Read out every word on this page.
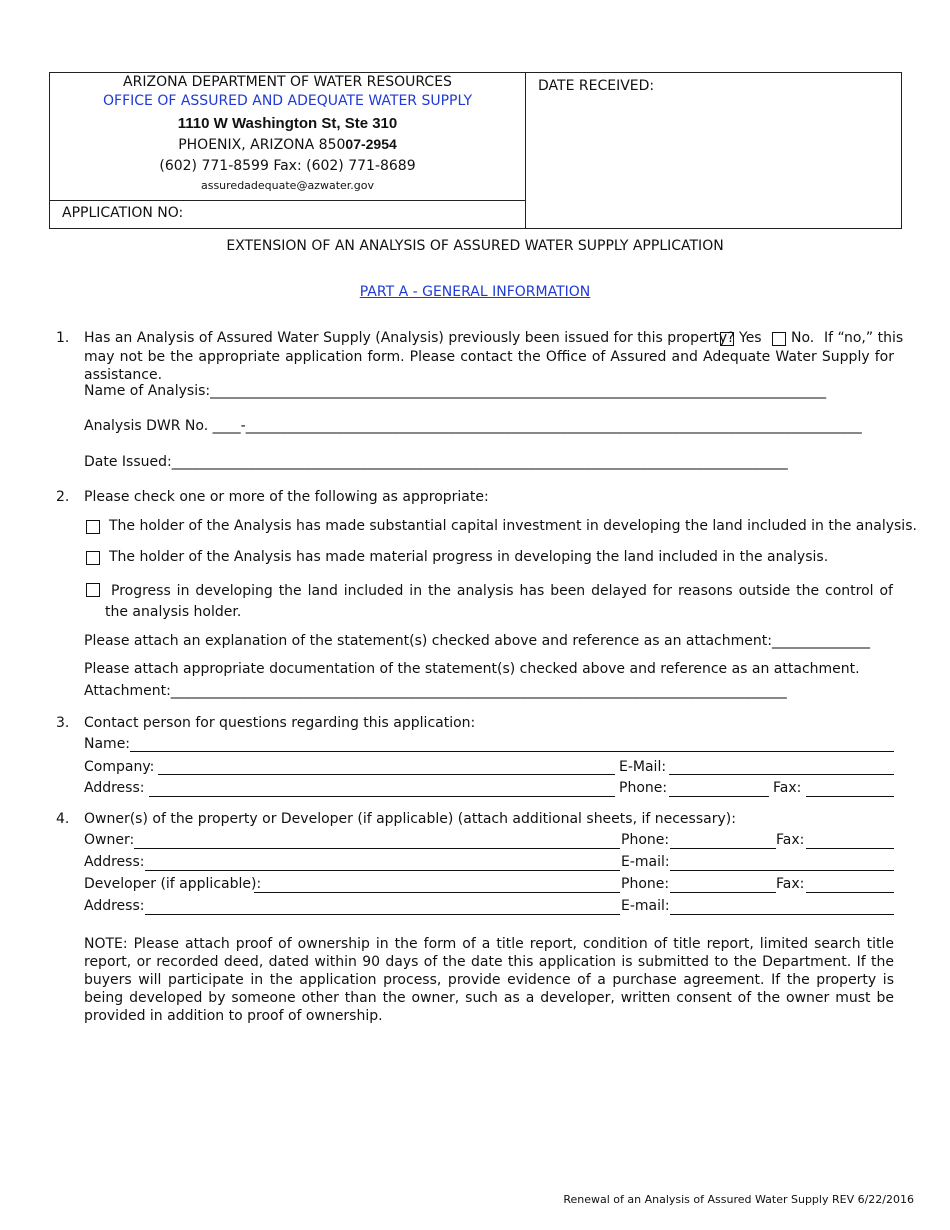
ARIZONA DEPARTMENT OF WATER RESOURCES
OFFICE OF ASSURED AND ADEQUATE WATER SUPPLY
1110 W Washington St, Ste 310
PHOENIX, ARIZONA 85007-2954
(602) 771-8599 Fax: (602) 771-8689
assuredadequate@azwater.gov
DATE RECEIVED:
APPLICATION NO:
EXTENSION OF AN ANALYSIS OF ASSURED WATER SUPPLY APPLICATION
PART A - GENERAL INFORMATION
1. Has an Analysis of Assured Water Supply (Analysis) previously been issued for this property? Yes No. If “no,” this
may not be the appropriate application form. Please contact the Office of Assured and Adequate Water Supply for assistance.
Name of Analysis:________________________________________________________________________________________
Analysis DWR No. ____-________________________________________________________________________________________
Date Issued:________________________________________________________________________________________
2. Please check one or more of the following as appropriate:
The holder of the Analysis has made substantial capital investment in developing the land included in the analysis.
The holder of the Analysis has made material progress in developing the land included in the analysis.
Progress in developing the land included in the analysis has been delayed for reasons outside the control of the analysis holder.
Please attach an explanation of the statement(s) checked above and reference as an attachment:______________
Please attach appropriate documentation of the statement(s) checked above and reference as an attachment.
Attachment:________________________________________________________________________________________
3. Contact person for questions regarding this application:
Name:
Company:	E-Mail:
Address:	Phone:	Fax:
4. Owner(s) of the property or Developer (if applicable) (attach additional sheets, if necessary):
Owner:	Phone:	Fax:
Address:	E-mail:
Developer (if applicable):	Phone:	Fax:
Address:	E-mail:
NOTE: Please attach proof of ownership in the form of a title report, condition of title report, limited search title report, or recorded deed, dated within 90 days of the date this application is submitted to the Department. If the buyers will participate in the application process, provide evidence of a purchase agreement. If the property is being developed by someone other than the owner, such as a developer, written consent of the owner must be provided in addition to proof of ownership.
Renewal of an Analysis of Assured Water Supply REV 6/22/2016
